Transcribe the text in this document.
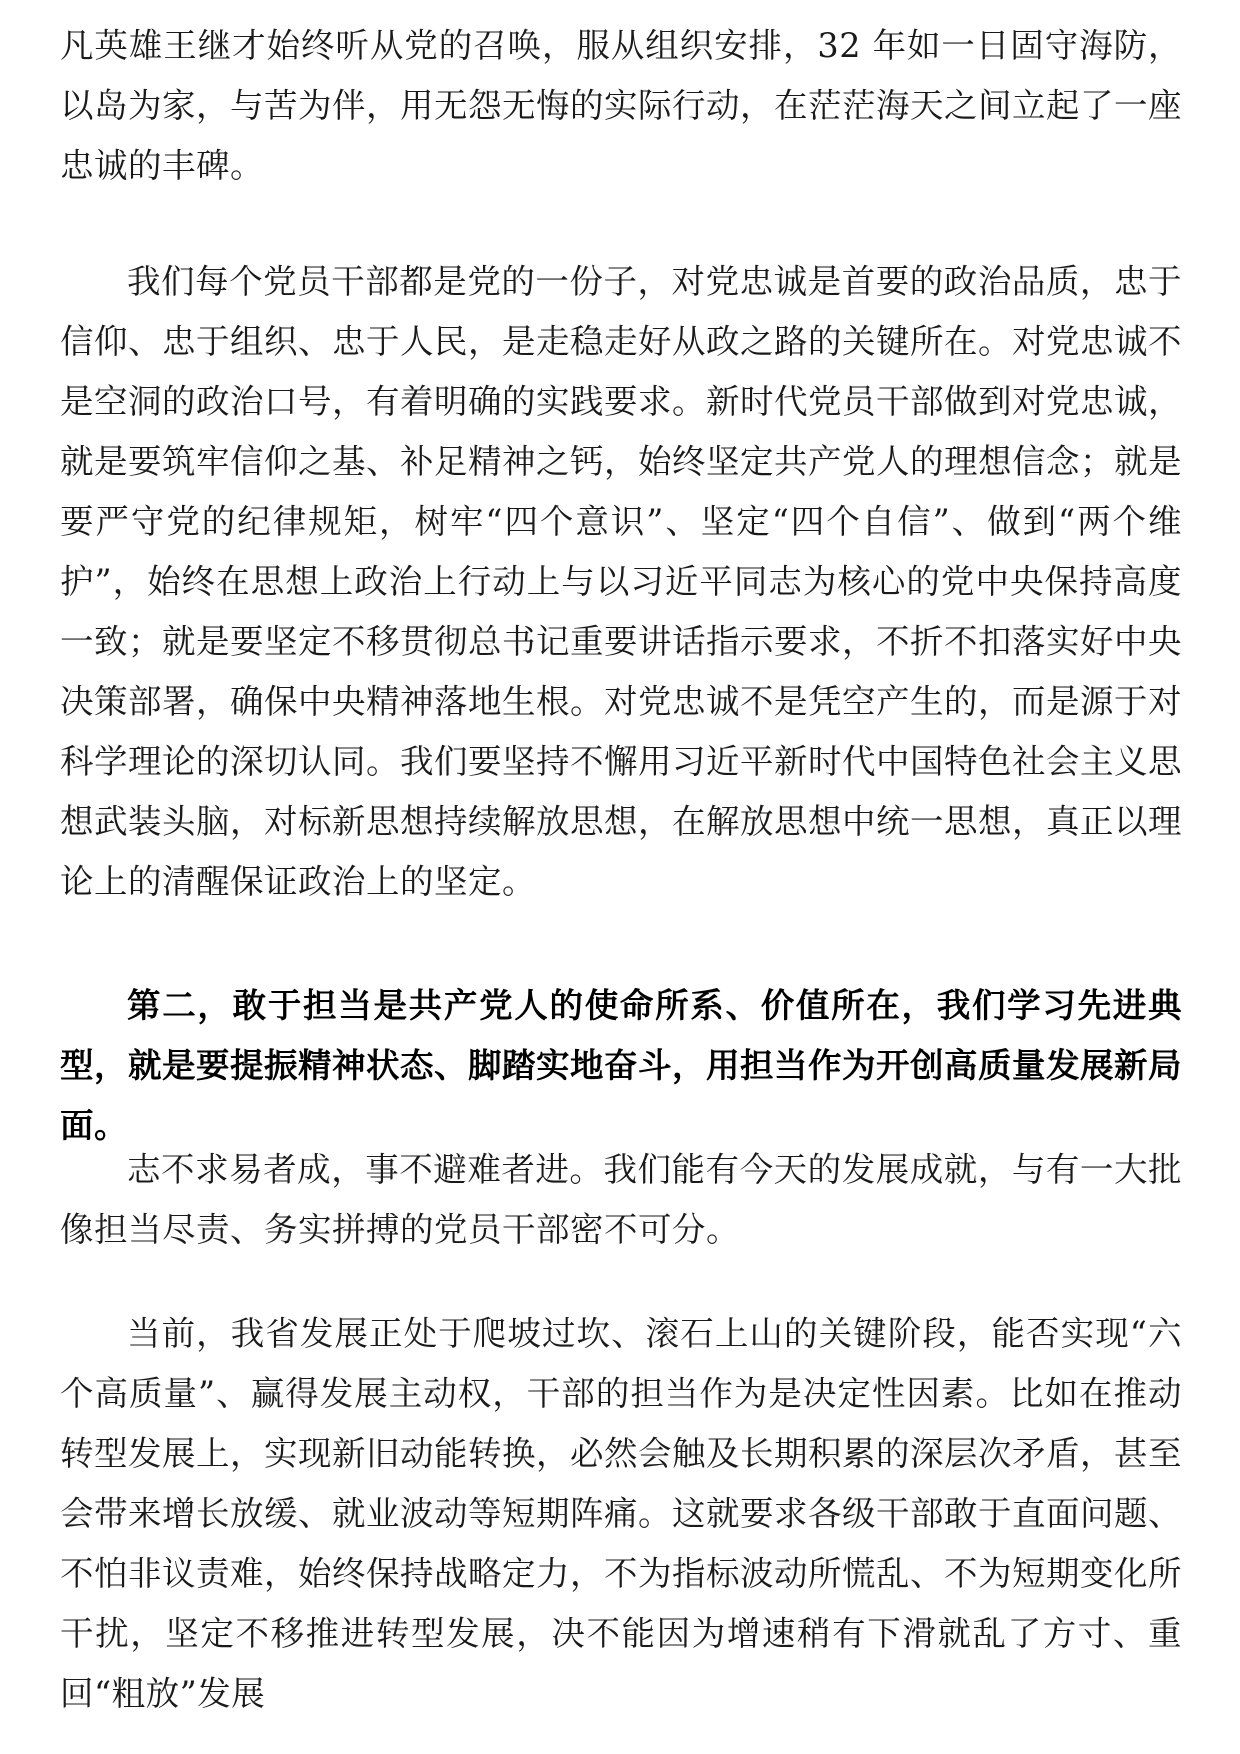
凡英雄王继才始终听从党的召唤，服从组织安排，32 年如一日固守海防，以岛为家，与苦为伴，用无怨无悔的实际行动，在茫茫海天之间立起了一座忠诚的丰碑。

我们每个党员干部都是党的一份子，对党忠诚是首要的政治品质，忠于信仰、忠于组织、忠于人民，是走稳走好从政之路的关键所在。对党忠诚不是空洞的政治口号，有着明确的实践要求。新时代党员干部做到对党忠诚，就是要筑牢信仰之基、补足精神之钙，始终坚定共产党人的理想信念；就是要严守党的纪律规矩，树牢“四个意识”、坚定“四个自信”、做到“两个维护”，始终在思想上政治上行动上与以习近平同志为核心的党中央保持高度一致；就是要坚定不移贯彻总书记重要讲话指示要求，不折不扣落实好中央决策部署，确保中央精神落地生根。对党忠诚不是凭空产生的，而是源于对科学理论的深切认同。我们要坚持不懈用习近平新时代中国特色社会主义思想武装头脑，对标新思想持续解放思想，在解放思想中统一思想，真正以理论上的清醒保证政治上的坚定。

第二，敢于担当是共产党人的使命所系、价值所在，我们学习先进典型，就是要提振精神状态、脚踏实地奋斗，用担当作为开创高质量发展新局面。

志不求易者成，事不避难者进。我们能有今天的发展成就，与有一大批像担当尽责、务实拼搏的党员干部密不可分。

当前，我省发展正处于爬坡过坎、滚石上山的关键阶段，能否实现“六个高质量”、赢得发展主动权，干部的担当作为是决定性因素。比如在推动转型发展上，实现新旧动能转换，必然会触及长期积累的深层次矛盾，甚至会带来增长放缓、就业波动等短期阵痛。这就要求各级干部敢于直面问题、不怕非议责难，始终保持战略定力，不为指标波动所慌乱、不为短期变化所干扰，坚定不移推进转型发展，决不能因为增速稍有下滑就乱了方寸、重回“粗放”发展
